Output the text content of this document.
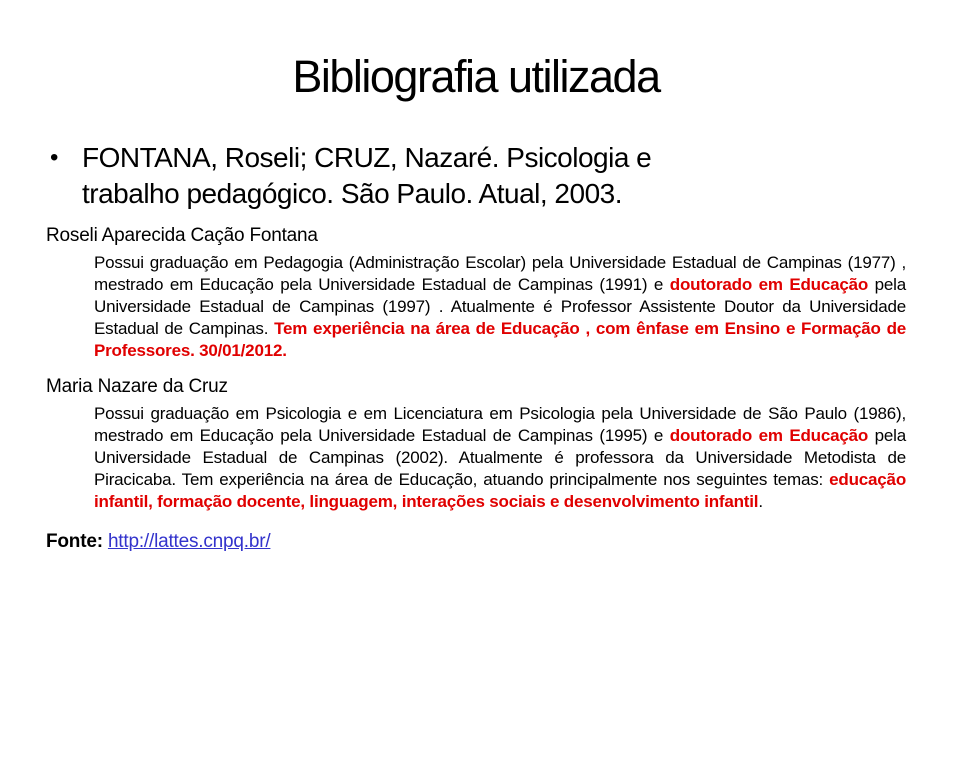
Bibliografia utilizada
• FONTANA, Roseli; CRUZ, Nazaré. Psicologia e trabalho pedagógico. São Paulo. Atual, 2003.
Roseli Aparecida Cação Fontana

Possui graduação em Pedagogia (Administração Escolar) pela Universidade Estadual de Campinas (1977) , mestrado em Educação pela Universidade Estadual de Campinas (1991) e doutorado em Educação pela Universidade Estadual de Campinas (1997) . Atualmente é Professor Assistente Doutor da Universidade Estadual de Campinas. Tem experiência na área de Educação , com ênfase em Ensino e Formação de Professores. 30/01/2012.

Maria Nazare da Cruz

Possui graduação em Psicologia e em Licenciatura em Psicologia pela Universidade de São Paulo (1986), mestrado em Educação pela Universidade Estadual de Campinas (1995) e doutorado em Educação pela Universidade Estadual de Campinas (2002). Atualmente é professora da Universidade Metodista de Piracicaba. Tem experiência na área de Educação, atuando principalmente nos seguintes temas: educação infantil, formação docente, linguagem, interações sociais e desenvolvimento infantil.

Fonte: http://lattes.cnpq.br/
